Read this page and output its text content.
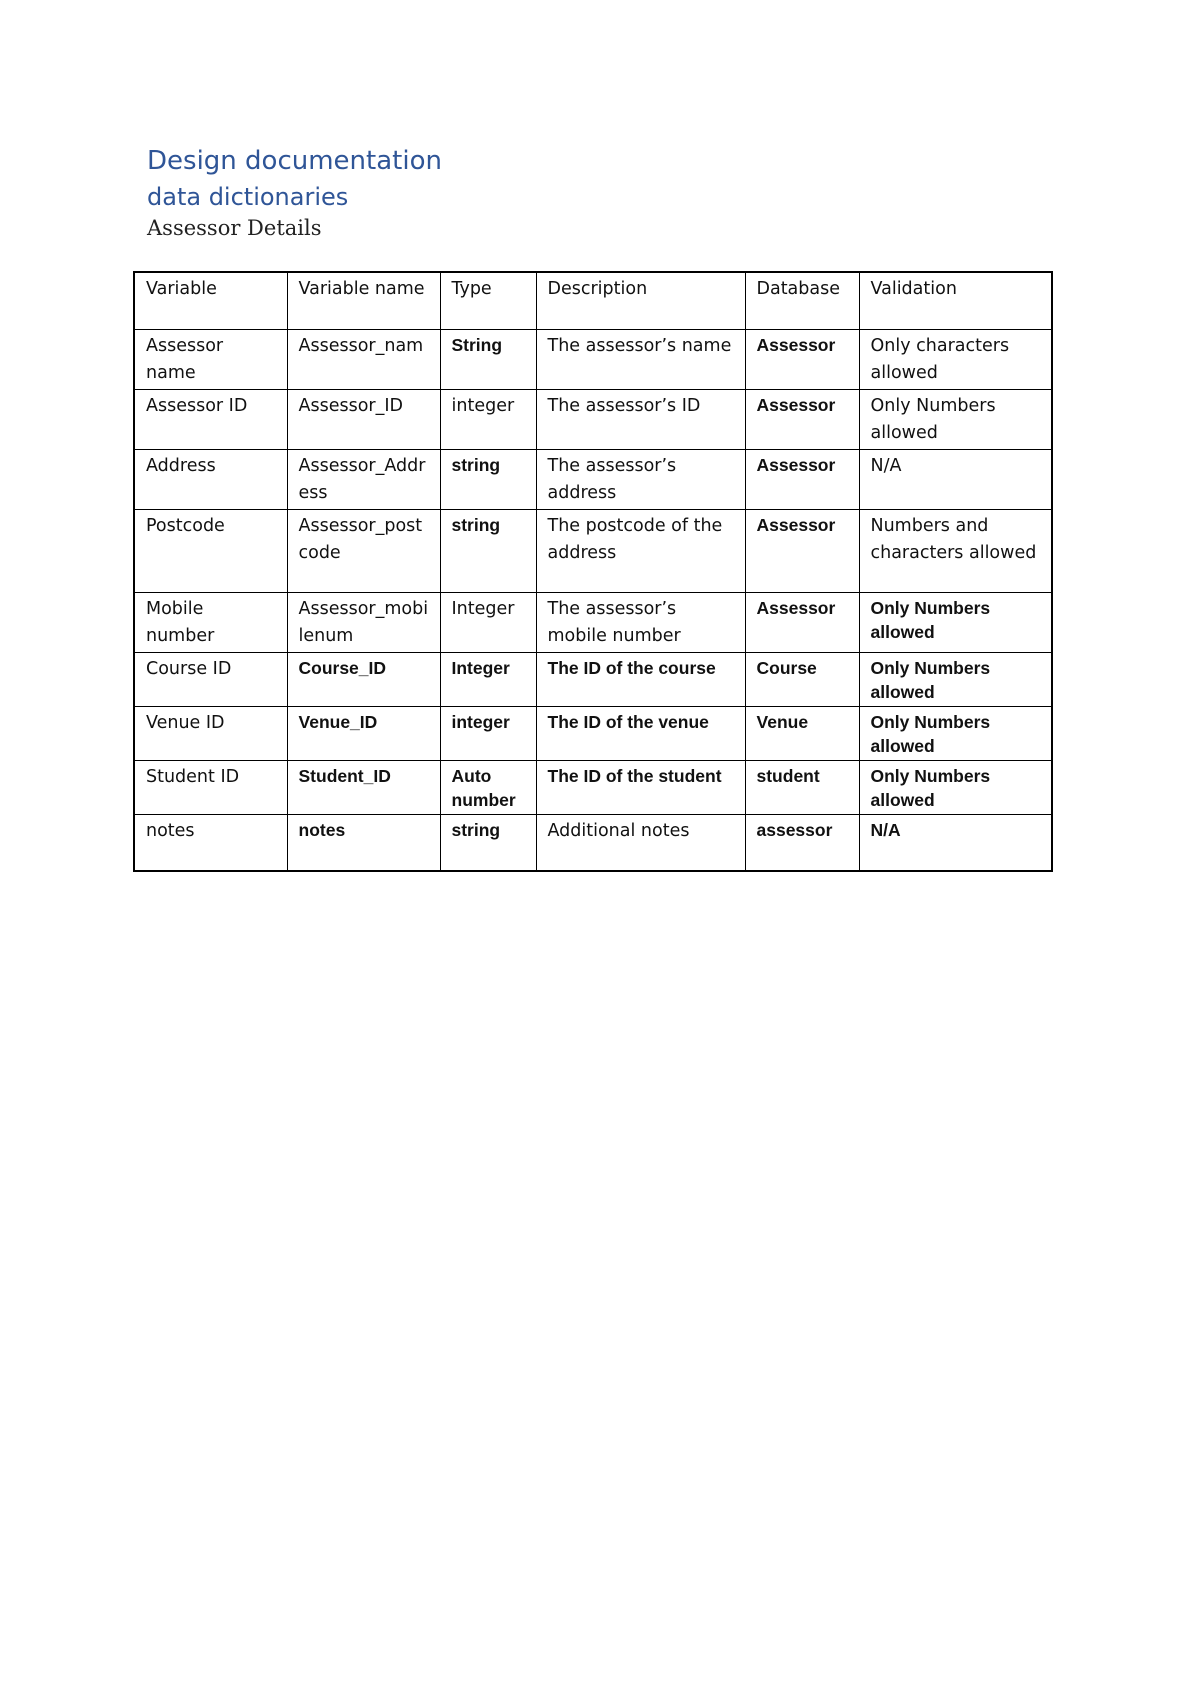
Design documentation
data dictionaries

Assessor Details

Variable	Variable name	Type	Description	Database	Validation
Assessor name	Assessor_nam	String	The assessor’s name	Assessor	Only characters allowed
Assessor ID	Assessor_ID	integer	The assessor’s ID	Assessor	Only Numbers allowed
Address	Assessor_Address	string	The assessor’s address	Assessor	N/A
Postcode	Assessor_postcode	string	The postcode of the address	Assessor	Numbers and characters allowed
Mobile number	Assessor_mobilenum	Integer	The assessor’s mobile number	Assessor	Only Numbers allowed
Course ID	Course_ID	Integer	The ID of the course	Course	Only Numbers allowed
Venue ID	Venue_ID	integer	The ID of the venue	Venue	Only Numbers allowed
Student ID	Student_ID	Auto number	The ID of the student	student	Only Numbers allowed
notes	notes	string	Additional notes	assessor	N/A
